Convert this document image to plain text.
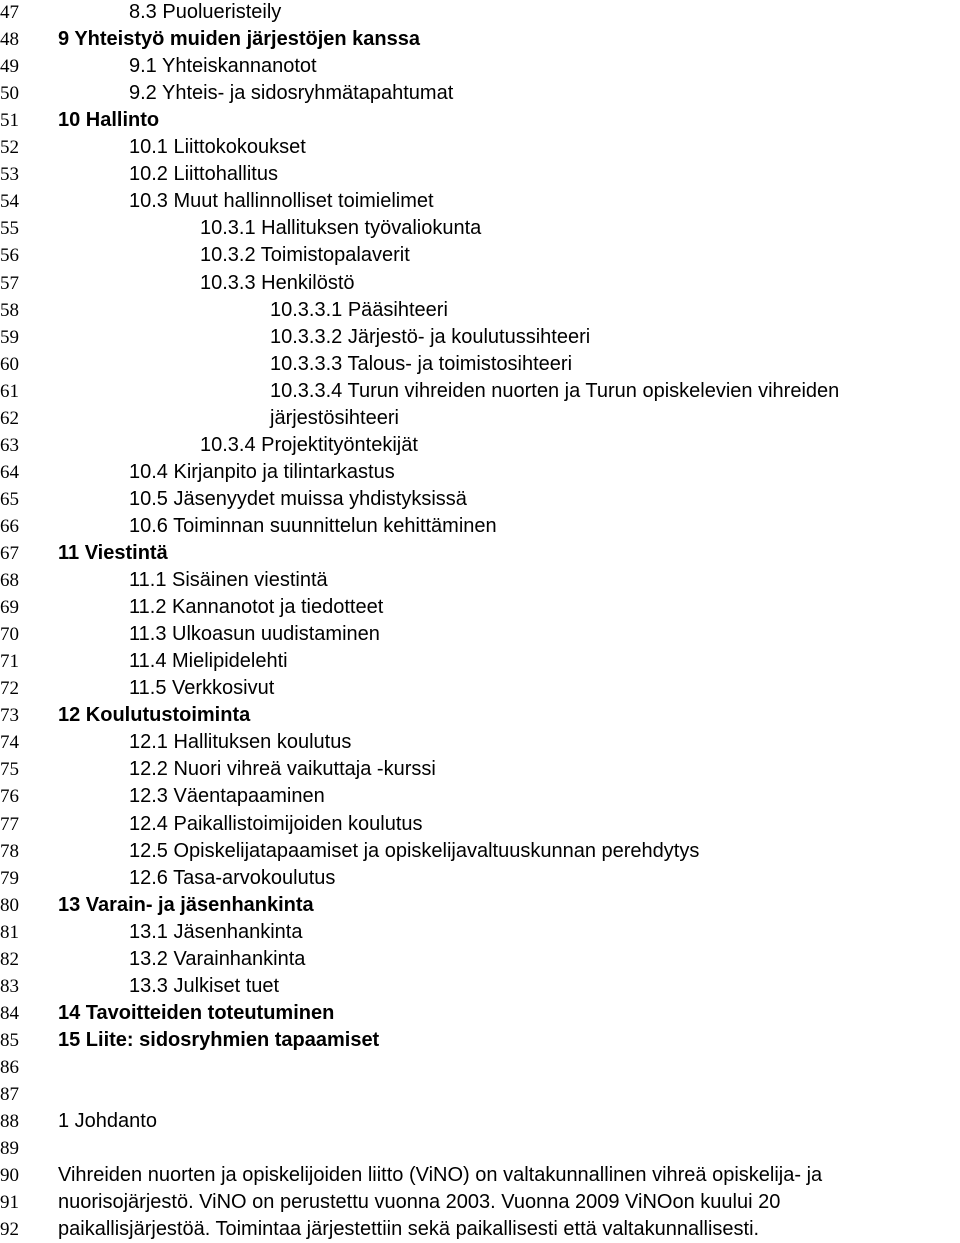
47	8.3 Puolueristeily
48	9 Yhteistyö muiden järjestöjen kanssa
49	9.1 Yhteiskannanotot
50	9.2 Yhteis- ja sidosryhmätapahtumat
51	10 Hallinto
52	10.1 Liittokokoukset
53	10.2 Liittohallitus
54	10.3 Muut hallinnolliset toimielimet
55	10.3.1 Hallituksen työvaliokunta
56	10.3.2 Toimistopalaverit
57	10.3.3 Henkilöstö
58	10.3.3.1 Pääsihteeri
59	10.3.3.2 Järjestö- ja koulutussihteeri
60	10.3.3.3 Talous- ja toimistosihteeri
61	10.3.3.4 Turun vihreiden nuorten ja Turun opiskelevien vihreiden
62	järjestösihteeri
63	10.3.4 Projektityöntekijät
64	10.4 Kirjanpito ja tilintarkastus
65	10.5 Jäsenyydet muissa yhdistyksissä
66	10.6 Toiminnan suunnittelun kehittäminen
67	11 Viestintä
68	11.1 Sisäinen viestintä
69	11.2 Kannanotot ja tiedotteet
70	11.3 Ulkoasun uudistaminen
71	11.4 Mielipidelehti
72	11.5 Verkkosivut
73	12 Koulutustoiminta
74	12.1 Hallituksen koulutus
75	12.2 Nuori vihreä vaikuttaja -kurssi
76	12.3 Väentapaaminen
77	12.4 Paikallistoimijoiden koulutus
78	12.5 Opiskelijatapaamiset ja opiskelijavaltuuskunnan perehdytys
79	12.6 Tasa-arvokoulutus
80	13 Varain- ja jäsenhankinta
81	13.1 Jäsenhankinta
82	13.2 Varainhankinta
83	13.3 Julkiset tuet
84	14 Tavoitteiden toteutuminen
85	15 Liite: sidosryhmien tapaamiset
86
87
88	1 Johdanto
89
90	Vihreiden nuorten ja opiskelijoiden liitto (ViNO) on valtakunnallinen vihreä opiskelija- ja
91	nuorisojärjestö. ViNO on perustettu vuonna 2003. Vuonna 2009 ViNOon kuului 20
92	paikallisjärjestöä. Toimintaa järjestettiin sekä paikallisesti että valtakunnallisesti.
